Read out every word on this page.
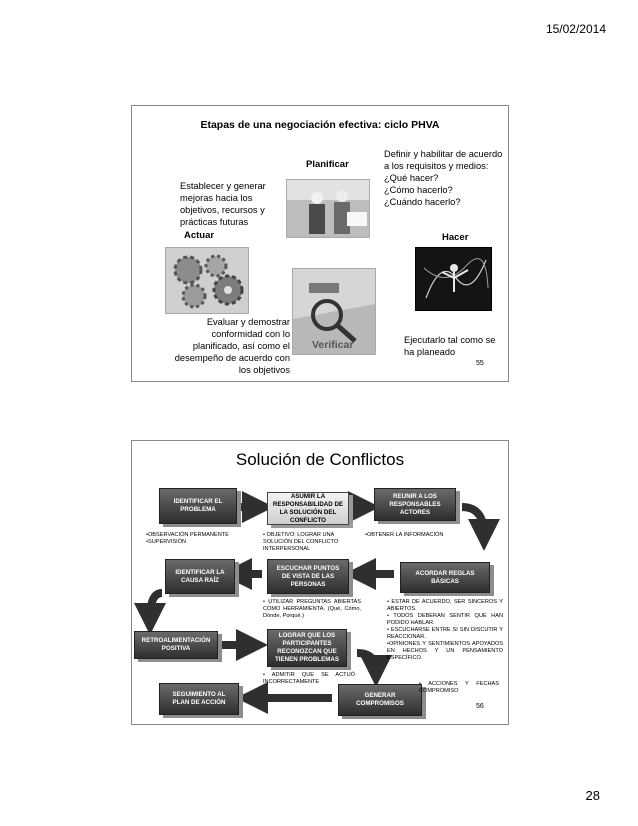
15/02/2014
Etapas de una negociación efectiva: ciclo PHVA
Planificar
Definir y habilitar de acuerdo a los requisitos y medios:
¿Qué hacer?
¿Cómo hacerlo?
¿Cuándo hacerlo?
Establecer y generar mejoras hacia los objetivos, recursos y prácticas futuras
Actuar	Hacer
Evaluar y demostrar conformidad con lo planificado, así como el desempeño de acuerdo con los objetivos
Verificar	Ejecutarlo tal como se ha planeado
55
Solución de Conflictos
IDENTIFICAR EL PROBLEMA
ASUMIR LA RESPONSABILIDAD DE LA SOLUCIÓN DEL CONFLICTO
REUNIR A LOS RESPONSABLES ACTORES
•OBSERVACIÓN PERMANENTE
•SUPERVISIÓN
• OBJETIVO: LOGRAR UNA SOLUCIÓN DEL CONFLICTO INTERPERSONAL
•OBTENER LA INFORMACIÓN
IDENTIFICAR LA CAUSA RAÍZ
ESCUCHAR PUNTOS DE VISTA DE LAS PERSONAS
ACORDAR REGLAS BÁSICAS
• UTILIZAR PREGUNTAS ABIERTAS COMO HERRAMIENTA. (Qué, Cómo, Dónde, Porqué.)
• ESTAR DE ACUERDO, SER SINCEROS Y ABIERTOS.
• TODOS DEBERAN SENTIR QUE HAN PODIDO HABLAR.
• ESCUCHARSE ENTRE SI SIN DISCUTIR Y REACCIONAR.
•OPINIONES Y SENTIMIENTOS APOYADOS EN HECHOS Y UN PENSAMIENTO ESPECÍFICO.
RETROALIMENTACIÓN POSITIVA
LOGRAR QUE LOS PARTICIPANTES RECONOZCAN QUE TIENEN PROBLEMAS
• ADMITIR QUE SE ACTUÓ INCORRECTAMENTE
SEGUIMIENTO AL PLAN DE ACCIÓN
GENERAR COMPROMISOS
• ACCIONES Y FECHAS COMPROMISO
56
28
